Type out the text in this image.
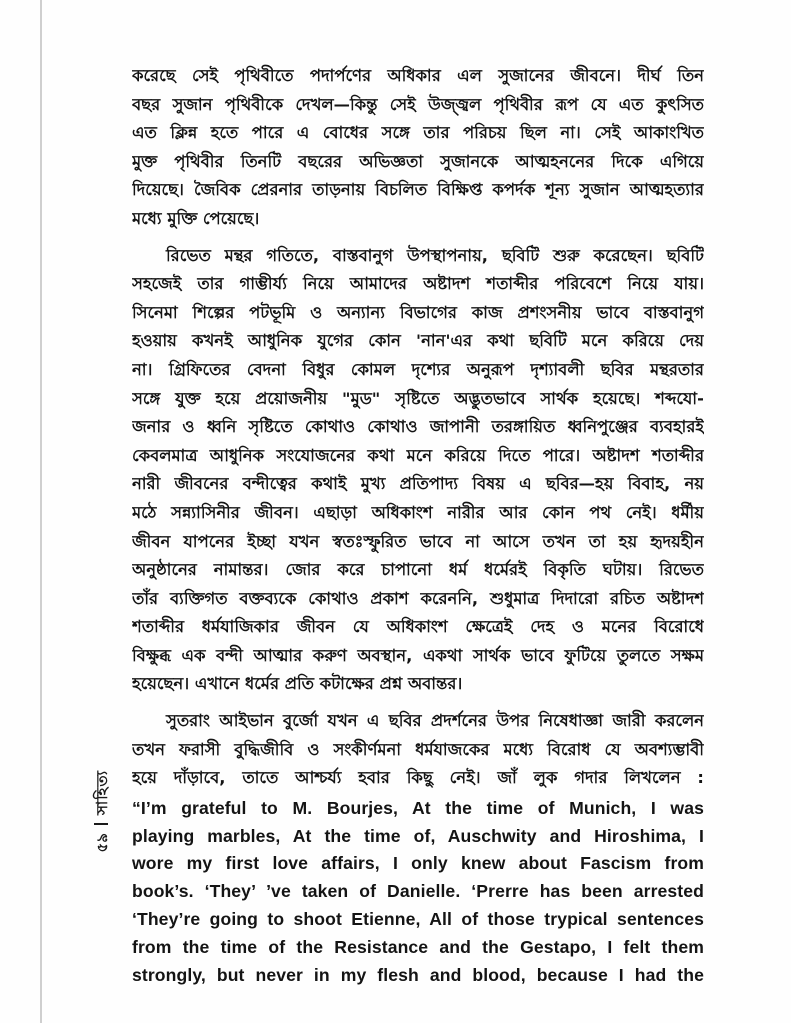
সাহিত্য
৫৯

করেছে সেই পৃথিবীতে পদার্পণের অধিকার এল সুজানের জীবনে। দীর্ঘ তিন
বছর সুজান পৃথিবীকে দেখল—কিন্তু সেই উজ্জ্বল পৃথিবীর রূপ যে এত কুৎসিত
এত ক্লিন্ন হতে পারে এ বোধের সঙ্গে তার পরিচয় ছিল না। সেই আকাংখিত
মুক্ত পৃথিবীর তিনটি বছরের অভিজ্ঞতা সুজানকে আত্মহননের দিকে এগিয়ে
দিয়েছে। জৈবিক প্রেরনার তাড়নায় বিচলিত বিক্ষিপ্ত কপর্দক শূন্য সুজান আত্মহত্যার
মধ্যে মুক্তি পেয়েছে।

রিভেত মন্থর গতিতে, বাস্তবানুগ উপস্থাপনায়, ছবিটি শুরু করেছেন। ছবিটি
সহজেই তার গাম্ভীর্য্য নিয়ে আমাদের অষ্টাদশ শতাব্দীর পরিবেশে নিয়ে যায়।
সিনেমা শিল্পের পটভূমি ও অন্যান্য বিভাগের কাজ প্রশংসনীয় ভাবে বাস্তবানুগ
হওয়ায় কখনই আধুনিক যুগের কোন 'নান'এর কথা ছবিটি মনে করিয়ে দেয়
না। গ্রিফিতের বেদনা বিধুর কোমল দৃশ্যের অনুরূপ দৃশ্যাবলী ছবির মন্থরতার
সঙ্গে যুক্ত হয়ে প্রয়োজনীয় "মুড" সৃষ্টিতে অদ্ভুতভাবে সার্থক হয়েছে। শব্দযো-
জনার ও ধ্বনি সৃষ্টিতে কোথাও কোথাও জাপানী তরঙ্গায়িত ধ্বনিপুঞ্জের ব্যবহারই
কেবলমাত্র আধুনিক সংযোজনের কথা মনে করিয়ে দিতে পারে। অষ্টাদশ শতাব্দীর
নারী জীবনের বন্দীত্বের কথাই মুখ্য প্রতিপাদ্য বিষয় এ ছবির—হয় বিবাহ, নয়
মঠে সন্ন্যাসিনীর জীবন। এছাড়া অধিকাংশ নারীর আর কোন পথ নেই। ধর্মীয়
জীবন যাপনের ইচ্ছা যখন স্বতঃস্ফুরিত ভাবে না আসে তখন তা হয় হৃদয়হীন
অনুষ্ঠানের নামান্তর। জোর করে চাপানো ধর্ম ধর্মেরই বিকৃতি ঘটায়। রিভেত
তাঁর ব্যক্তিগত বক্তব্যকে কোথাও প্রকাশ করেননি, শুধুমাত্র দিদারো রচিত অষ্টাদশ
শতাব্দীর ধর্মযাজিকার জীবন যে অধিকাংশ ক্ষেত্রেই দেহ ও মনের বিরোধে
বিক্ষুব্ধ এক বন্দী আত্মার করুণ অবস্থান, একথা সার্থক ভাবে ফুটিয়ে তুলতে সক্ষম
হয়েছেন। এখানে ধর্মের প্রতি কটাক্ষের প্রশ্ন অবান্তর।

সুতরাং আইভান বুর্জো যখন এ ছবির প্রদর্শনের উপর নিষেধাজ্ঞা জারী করলেন
তখন ফরাসী বুদ্ধিজীবি ও সংকীর্ণমনা ধর্মযাজকের মধ্যে বিরোধ যে অবশ্যম্ভাবী
হয়ে দাঁড়াবে, তাতে আশ্চর্য্য হবার কিছু নেই। জাঁ লুক গদার লিখলেন :

“I’m grateful to M. Bourjes, At the time of Munich, I was
playing marbles, At the time of, Auschwity and Hiroshima, I
wore my first love affairs, I only knew about Fascism from
book’s. ‘They’ ’ve taken of Danielle. ‘Prerre has been arrested
‘They’re going to shoot Etienne, All of those trypical sentences
from the time of the Resistance and the Gestapo, I felt them
strongly, but never in my flesh and blood, because I had the
